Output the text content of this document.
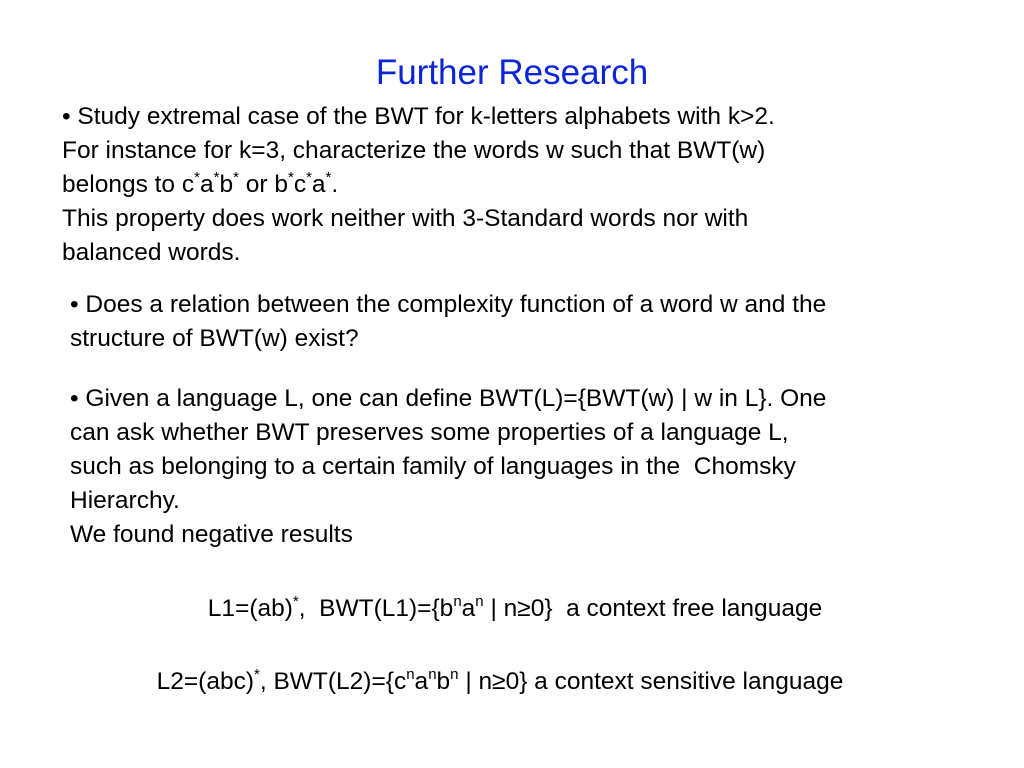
Further Research
• Study extremal case of the BWT for k-letters alphabets with k>2.
For instance for k=3, characterize the words w such that BWT(w)
belongs to c*a*b* or b*c*a*.
This property does work neither with 3-Standard words nor with
balanced words.
• Does a relation between the complexity function of a word w and the
structure of BWT(w) exist?
• Given a language L, one can define BWT(L)={BWT(w) | w in L}. One
can ask whether BWT preserves some properties of a language L,
such as belonging to a certain family of languages in the  Chomsky
Hierarchy.
We found negative results
L1=(ab)*,  $BWT(L1)=\{b^na^n$ | n≥0}  a context free language
L2=(abc)*, $BWT(L2)=\{c^na^nb^n$ | n≥0} a context sensitive language
